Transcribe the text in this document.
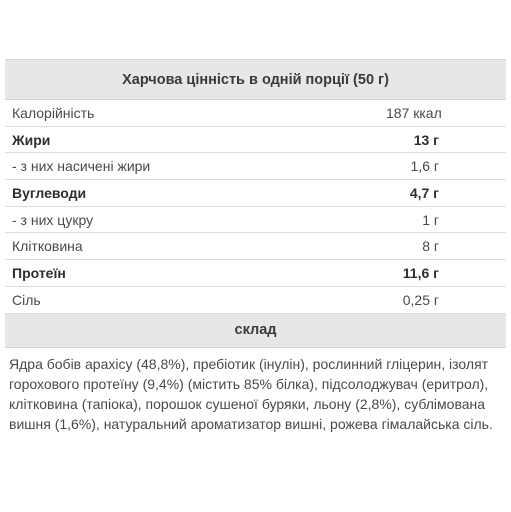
Харчова цінність в одній порції (50 г)
Калорійність	187 ккал
Жири	13 г
- з них насичені жири	1,6 г
Вуглеводи	4,7 г
- з них цукру	1 г
Клітковина	8 г
Протеїн	11,6 г
Сіль	0,25 г
склад
Ядра бобів арахісу (48,8%), пребіотик (інулін), рослинний гліцерин, ізолят горохового протеїну (9,4%) (містить 85% білка), підсолоджувач (еритрол), клітковина (тапіока), порошок сушеної буряки, льону (2,8%), сублімована вишня (1,6%), натуральний ароматизатор вишні, рожева гімалайська сіль.
